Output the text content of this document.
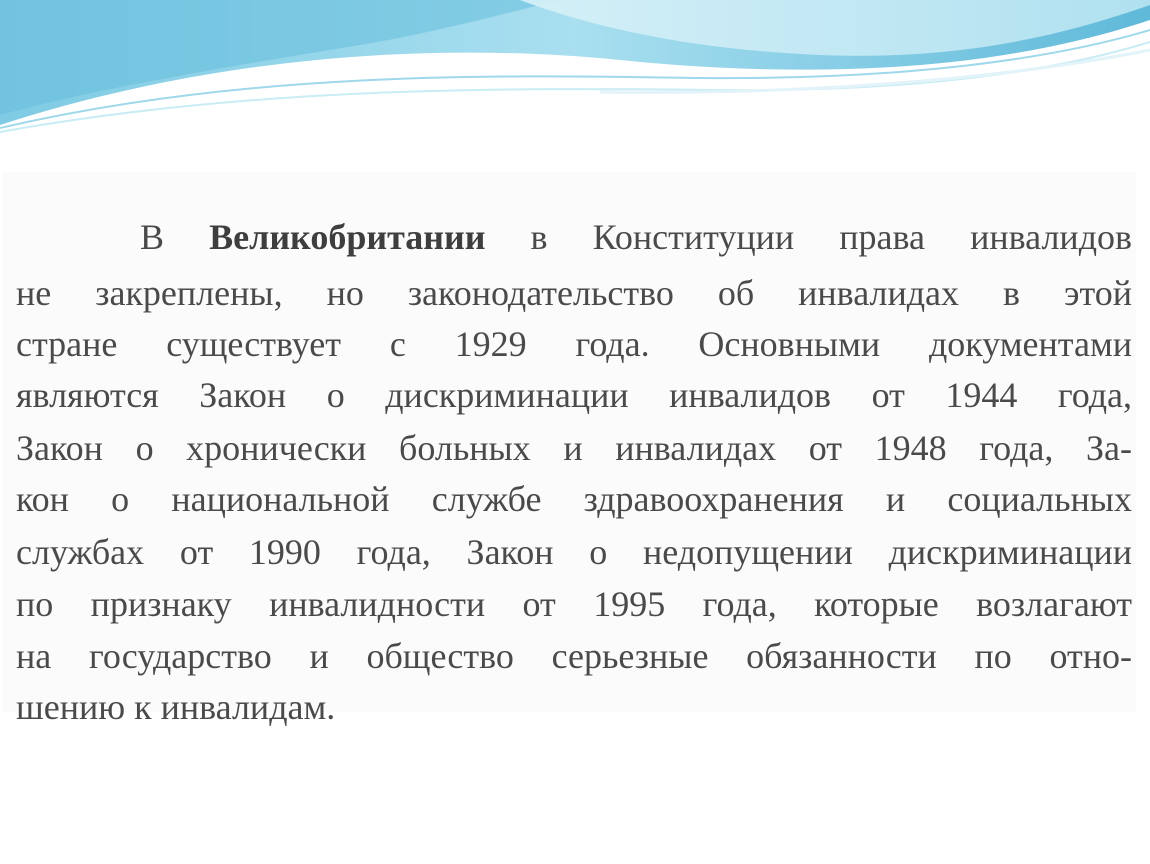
В Великобритании в Конституции права инвалидов
не закреплены, но законодательство об инвалидах в этой
стране существует с 1929 года. Основными документами
являются Закон о дискриминации инвалидов от 1944 года,
Закон о хронически больных и инвалидах от 1948 года, За-
кон о национальной службе здравоохранения и социальных
службах от 1990 года, Закон о недопущении дискриминации
по признаку инвалидности от 1995 года, которые возлагают
на государство и общество серьезные обязанности по отно-
шению к инвалидам.
